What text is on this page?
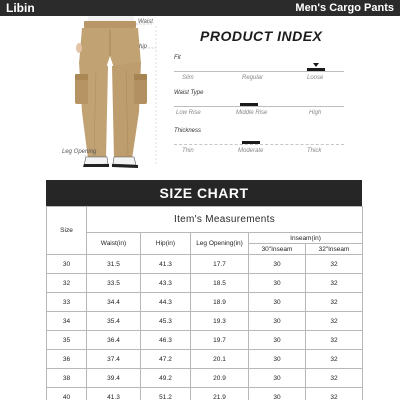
Libin	Men's Cargo Pants
Waist
hip
Leg Opening
PRODUCT INDEX
Fit
Slim	Regular	Loose
Waist Type
Low Rise	Middle Rise	High
Thickness
Thin	Moderate	Thick
SIZE CHART
Size	Item's Measurements				
	Waist(in)	Hip(in)	Leg Opening(in)	Inseam(in)	
				30"Inseam	32"Inseam
30	31.5	41.3	17.7	30	32
32	33.5	43.3	18.5	30	32
33	34.4	44.3	18.9	30	32
34	35.4	45.3	19.3	30	32
35	36.4	46.3	19.7	30	32
36	37.4	47.2	20.1	30	32
38	39.4	49.2	20.9	30	32
40	41.3	51.2	21.9	30	32
